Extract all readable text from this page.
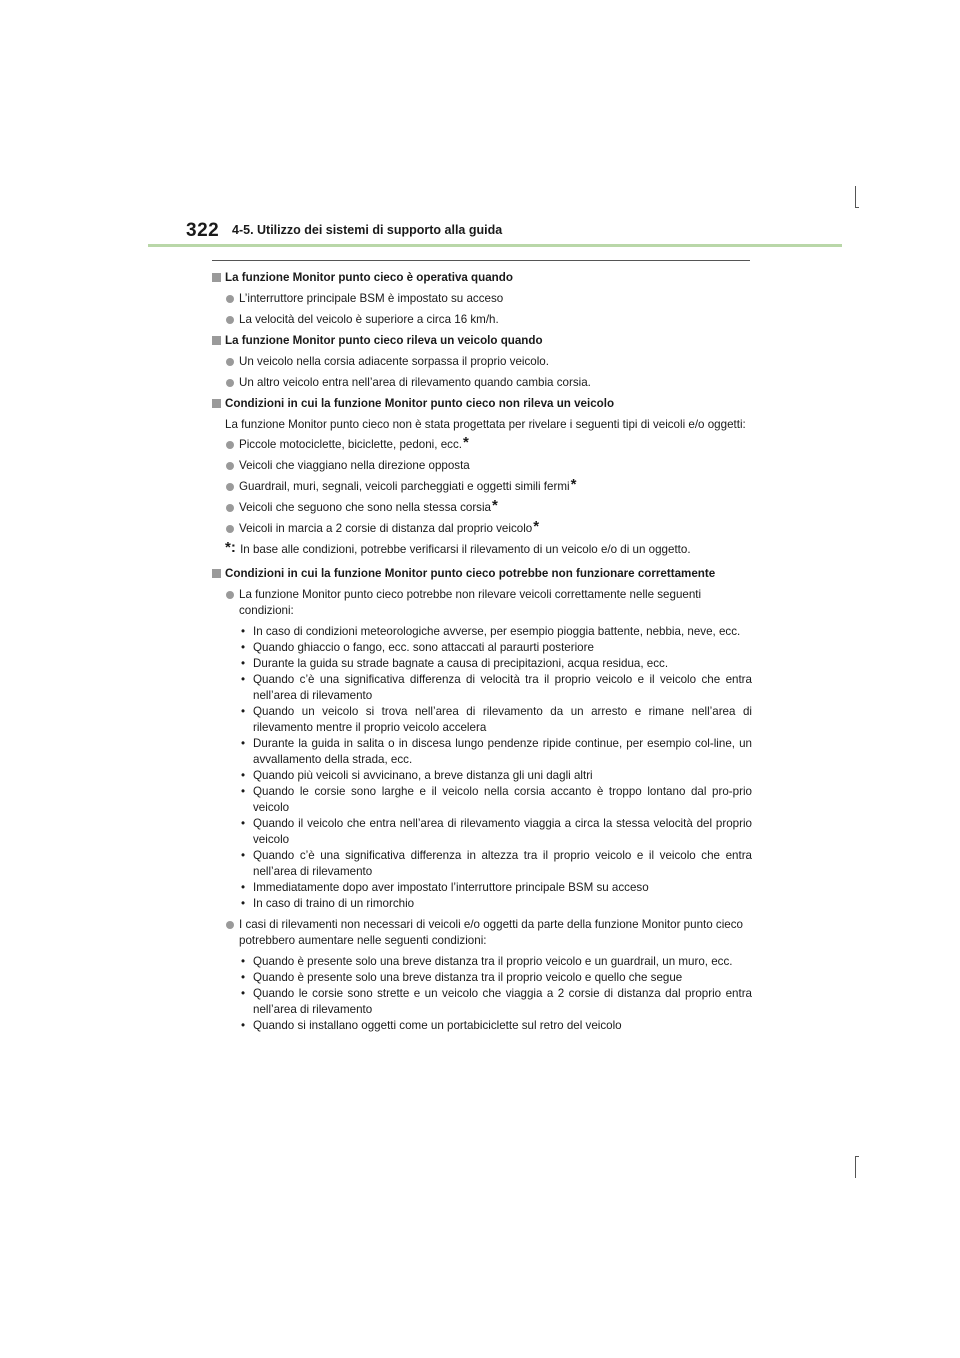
322 4-5. Utilizzo dei sistemi di supporto alla guida
La funzione Monitor punto cieco è operativa quando
L’interruttore principale BSM è impostato su acceso
La velocità del veicolo è superiore a circa 16 km/h.
La funzione Monitor punto cieco rileva un veicolo quando
Un veicolo nella corsia adiacente sorpassa il proprio veicolo.
Un altro veicolo entra nell’area di rilevamento quando cambia corsia.
Condizioni in cui la funzione Monitor punto cieco non rileva un veicolo
La funzione Monitor punto cieco non è stata progettata per rivelare i seguenti tipi di veicoli e/o oggetti:
Piccole motociclette, biciclette, pedoni, ecc.*
Veicoli che viaggiano nella direzione opposta
Guardrail, muri, segnali, veicoli parcheggiati e oggetti simili fermi*
Veicoli che seguono che sono nella stessa corsia*
Veicoli in marcia a 2 corsie di distanza dal proprio veicolo*
*: In base alle condizioni, potrebbe verificarsi il rilevamento di un veicolo e/o di un oggetto.
Condizioni in cui la funzione Monitor punto cieco potrebbe non funzionare correttamente
La funzione Monitor punto cieco potrebbe non rilevare veicoli correttamente nelle seguenti condizioni:
• In caso di condizioni meteorologiche avverse, per esempio pioggia battente, nebbia, neve, ecc.
• Quando ghiaccio o fango, ecc. sono attaccati al paraurti posteriore
• Durante la guida su strade bagnate a causa di precipitazioni, acqua residua, ecc.
• Quando c’è una significativa differenza di velocità tra il proprio veicolo e il veicolo che entra nell’area di rilevamento
• Quando un veicolo si trova nell’area di rilevamento da un arresto e rimane nell’area di rilevamento mentre il proprio veicolo accelera
• Durante la guida in salita o in discesa lungo pendenze ripide continue, per esempio col-line, un avvallamento della strada, ecc.
• Quando più veicoli si avvicinano, a breve distanza gli uni dagli altri
• Quando le corsie sono larghe e il veicolo nella corsia accanto è troppo lontano dal pro-prio veicolo
• Quando il veicolo che entra nell’area di rilevamento viaggia a circa la stessa velocità del proprio veicolo
• Quando c’è una significativa differenza in altezza tra il proprio veicolo e il veicolo che entra nell’area di rilevamento
• Immediatamente dopo aver impostato l’interruttore principale BSM su acceso
• In caso di traino di un rimorchio
I casi di rilevamenti non necessari di veicoli e/o oggetti da parte della funzione Monitor punto cieco potrebbero aumentare nelle seguenti condizioni:
• Quando è presente solo una breve distanza tra il proprio veicolo e un guardrail, un muro, ecc.
• Quando è presente solo una breve distanza tra il proprio veicolo e quello che segue
• Quando le corsie sono strette e un veicolo che viaggia a 2 corsie di distanza dal proprio entra nell’area di rilevamento
• Quando si installano oggetti come un portabiciclette sul retro del veicolo
